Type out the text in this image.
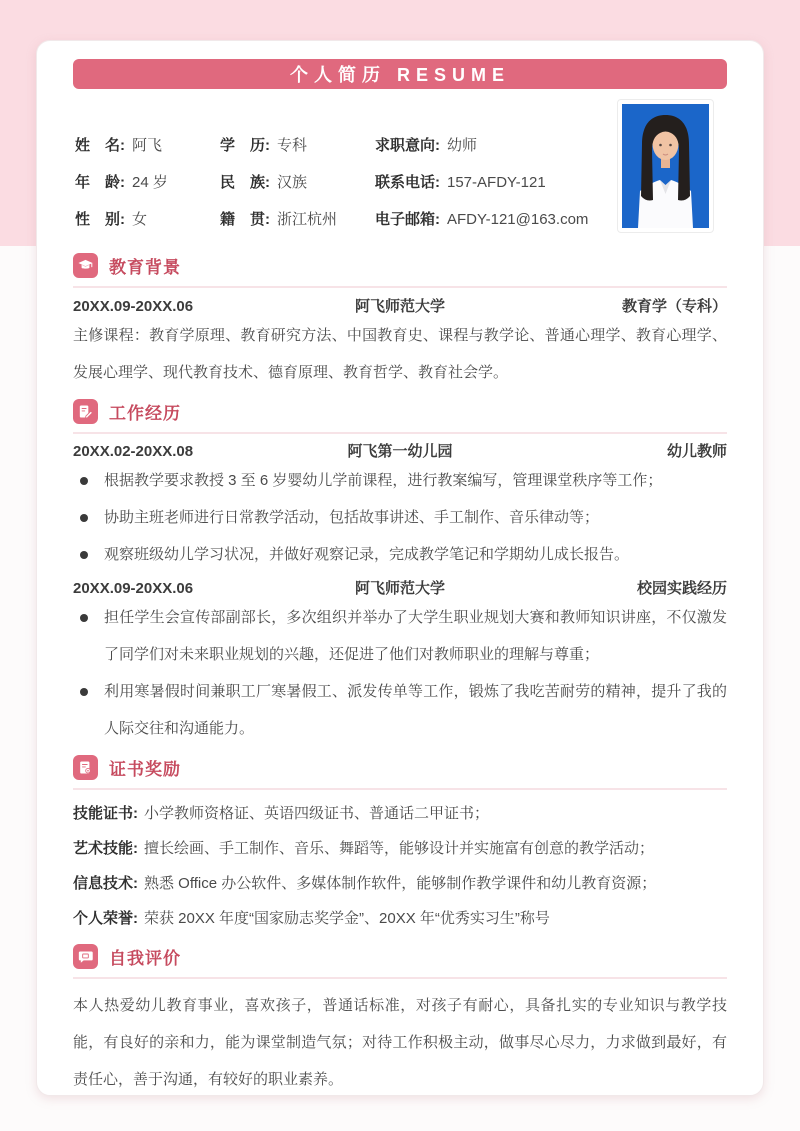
个人简历 RESUME
姓　名: 阿飞	学　历: 专科	求职意向: 幼师
年　龄: 24 岁	民　族: 汉族	联系电话: 157-AFDY-121
性　别: 女	籍　贯: 浙江杭州	电子邮箱: AFDY-121@163.com
教育背景
20XX.09-20XX.06	阿飞师范大学	教育学（专科）

主修课程：教育学原理、教育研究方法、中国教育史、课程与教学论、普通心理学、教育心理学、发展心理学、现代教育技术、德育原理、教育哲学、教育社会学。

工作经历
20XX.02-20XX.08	阿飞第一幼儿园	幼儿教师
根据教学要求教授 3 至 6 岁婴幼儿学前课程，进行教案编写，管理课堂秩序等工作；
协助主班老师进行日常教学活动，包括故事讲述、手工制作、音乐律动等；
观察班级幼儿学习状况，并做好观察记录，完成教学笔记和学期幼儿成长报告。
20XX.09-20XX.06	阿飞师范大学	校园实践经历
担任学生会宣传部副部长，多次组织并举办了大学生职业规划大赛和教师知识讲座，不仅激发了同学们对未来职业规划的兴趣，还促进了他们对教师职业的理解与尊重；
利用寒暑假时间兼职工厂寒暑假工、派发传单等工作，锻炼了我吃苦耐劳的精神，提升了我的人际交往和沟通能力。
证书奖励
技能证书: 小学教师资格证、英语四级证书、普通话二甲证书；
艺术技能: 擅长绘画、手工制作、音乐、舞蹈等，能够设计并实施富有创意的教学活动；
信息技术: 熟悉 Office 办公软件、多媒体制作软件，能够制作教学课件和幼儿教育资源；
个人荣誉: 荣获 20XX 年度“国家励志奖学金”、20XX 年“优秀实习生”称号
自我评价

本人热爱幼儿教育事业，喜欢孩子，普通话标准，对孩子有耐心，具备扎实的专业知识与教学技能，有良好的亲和力，能为课堂制造气氛；对待工作积极主动，做事尽心尽力，力求做到最好，有责任心，善于沟通，有较好的职业素养。
